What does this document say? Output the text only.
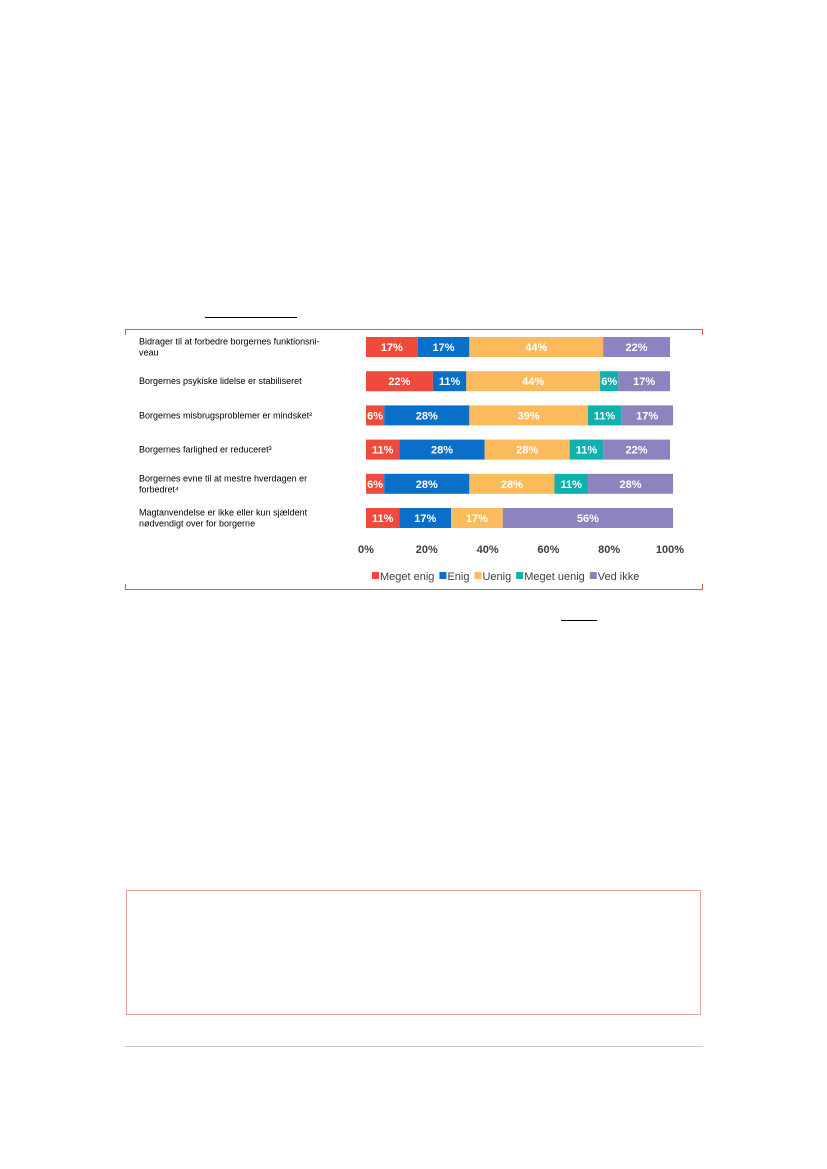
Bidrager til at forbedre borgernes funktionsni-
veau	17%	17%	44%	22%
Borgernes psykiske lidelse er stabiliseret	22%	11%	44%	6% 17%
Borgernes misbrugsproblemer er mindsket²	6%	28%	39%	11% 17%
Borgernes farlighed er reduceret³	11%	28%	28%	11%	22%
Borgernes evne til at mestre hverdagen er
forbedret⁴	6%	28%	28%	11%	28%
Magtanvendelse er ikke eller kun sjældent
nødvendigt over for borgerne	11% 17%	17%	56%
0%	20%	40%	60%	80%	100%
Meget enig Enig Uenig Meget uenig Ved ikke
